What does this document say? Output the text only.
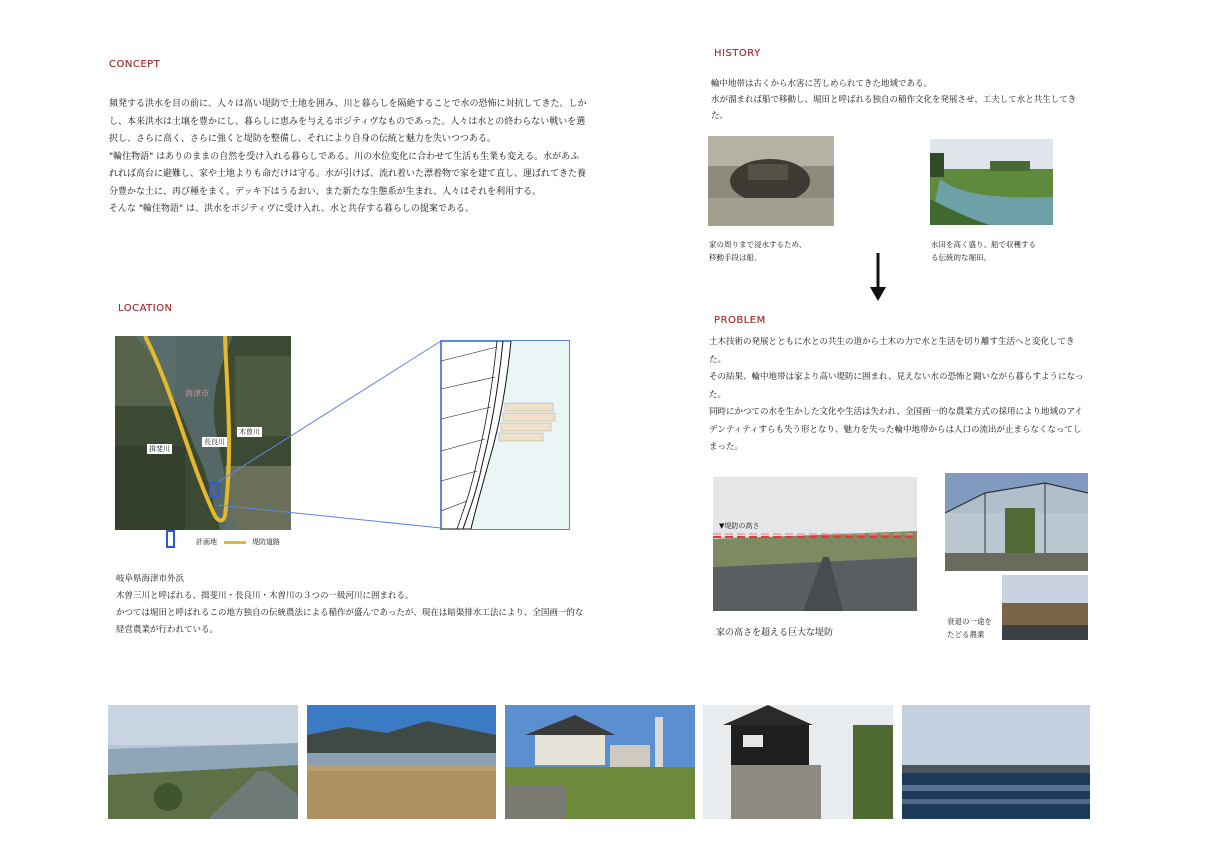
CONCEPT

頻発する洪水を目の前に、人々は高い堤防で土地を囲み、川と暮らしを隔絶することで水の恐怖に対抗してきた。しかし、本来洪水は土壌を豊かにし、暮らしに恵みを与えるポジティヴなものであった。人々は水との終わらない戦いを選択し、さらに高く、さらに強くと堤防を整備し、それにより自身の伝統と魅力を失いつつある。

"輪住物語" はありのままの自然を受け入れる暮らしである。川の水位変化に合わせて生活も生業も変える。水があふれれば高台に避難し、家や土地よりも命だけは守る。水が引けば、流れ着いた漂着物で家を建て直し、運ばれてきた養分豊かな土に、再び種をまく。デッキ下はうるおい、また新たな生態系が生まれ、人々はそれを利用する。

そんな "輪住物語" は、洪水をポジティヴに受け入れ、水と共存する暮らしの提案である。

LOCATION
海津市
揖斐川
長良川
木曽川
計画地	堤防道路

岐阜県海津市外浜

木曽三川と呼ばれる、揖斐川・長良川・木曽川の３つの一級河川に囲まれる。

かつては堀田と呼ばれるこの地方独自の伝統農法による稲作が盛んであったが、現在は暗渠排水工法により、全国画一的な経営農業が行われている。

HISTORY

輪中地帯は古くから水害に苦しめられてきた地域である。

水が溜まれば船で移動し、堀田と呼ばれる独自の稲作文化を発展させ、工夫して水と共生してきた。

家の周りまで浸水するため、
移動手段は船。
水田を高く盛り、船で収穫する
る伝統的な堀田。
PROBLEM

土木技術の発展とともに水との共生の道から土木の力で水と生活を切り離す生活へと変化してきた。

その結果、輪中地帯は家より高い堤防に囲まれ、見えない水の恐怖と闘いながら暮らすようになった。

同時にかつての水を生かした文化や生活は失われ、全国画一的な農業方式の採用により地域のアイデンティティすらも失う形となり、魅力を失った輪中地帯からは人口の流出が止まらなくなってしまった。

▼堤防の高さ
家の高さを超える巨大な堤防
衰退の一途を
たどる農業
